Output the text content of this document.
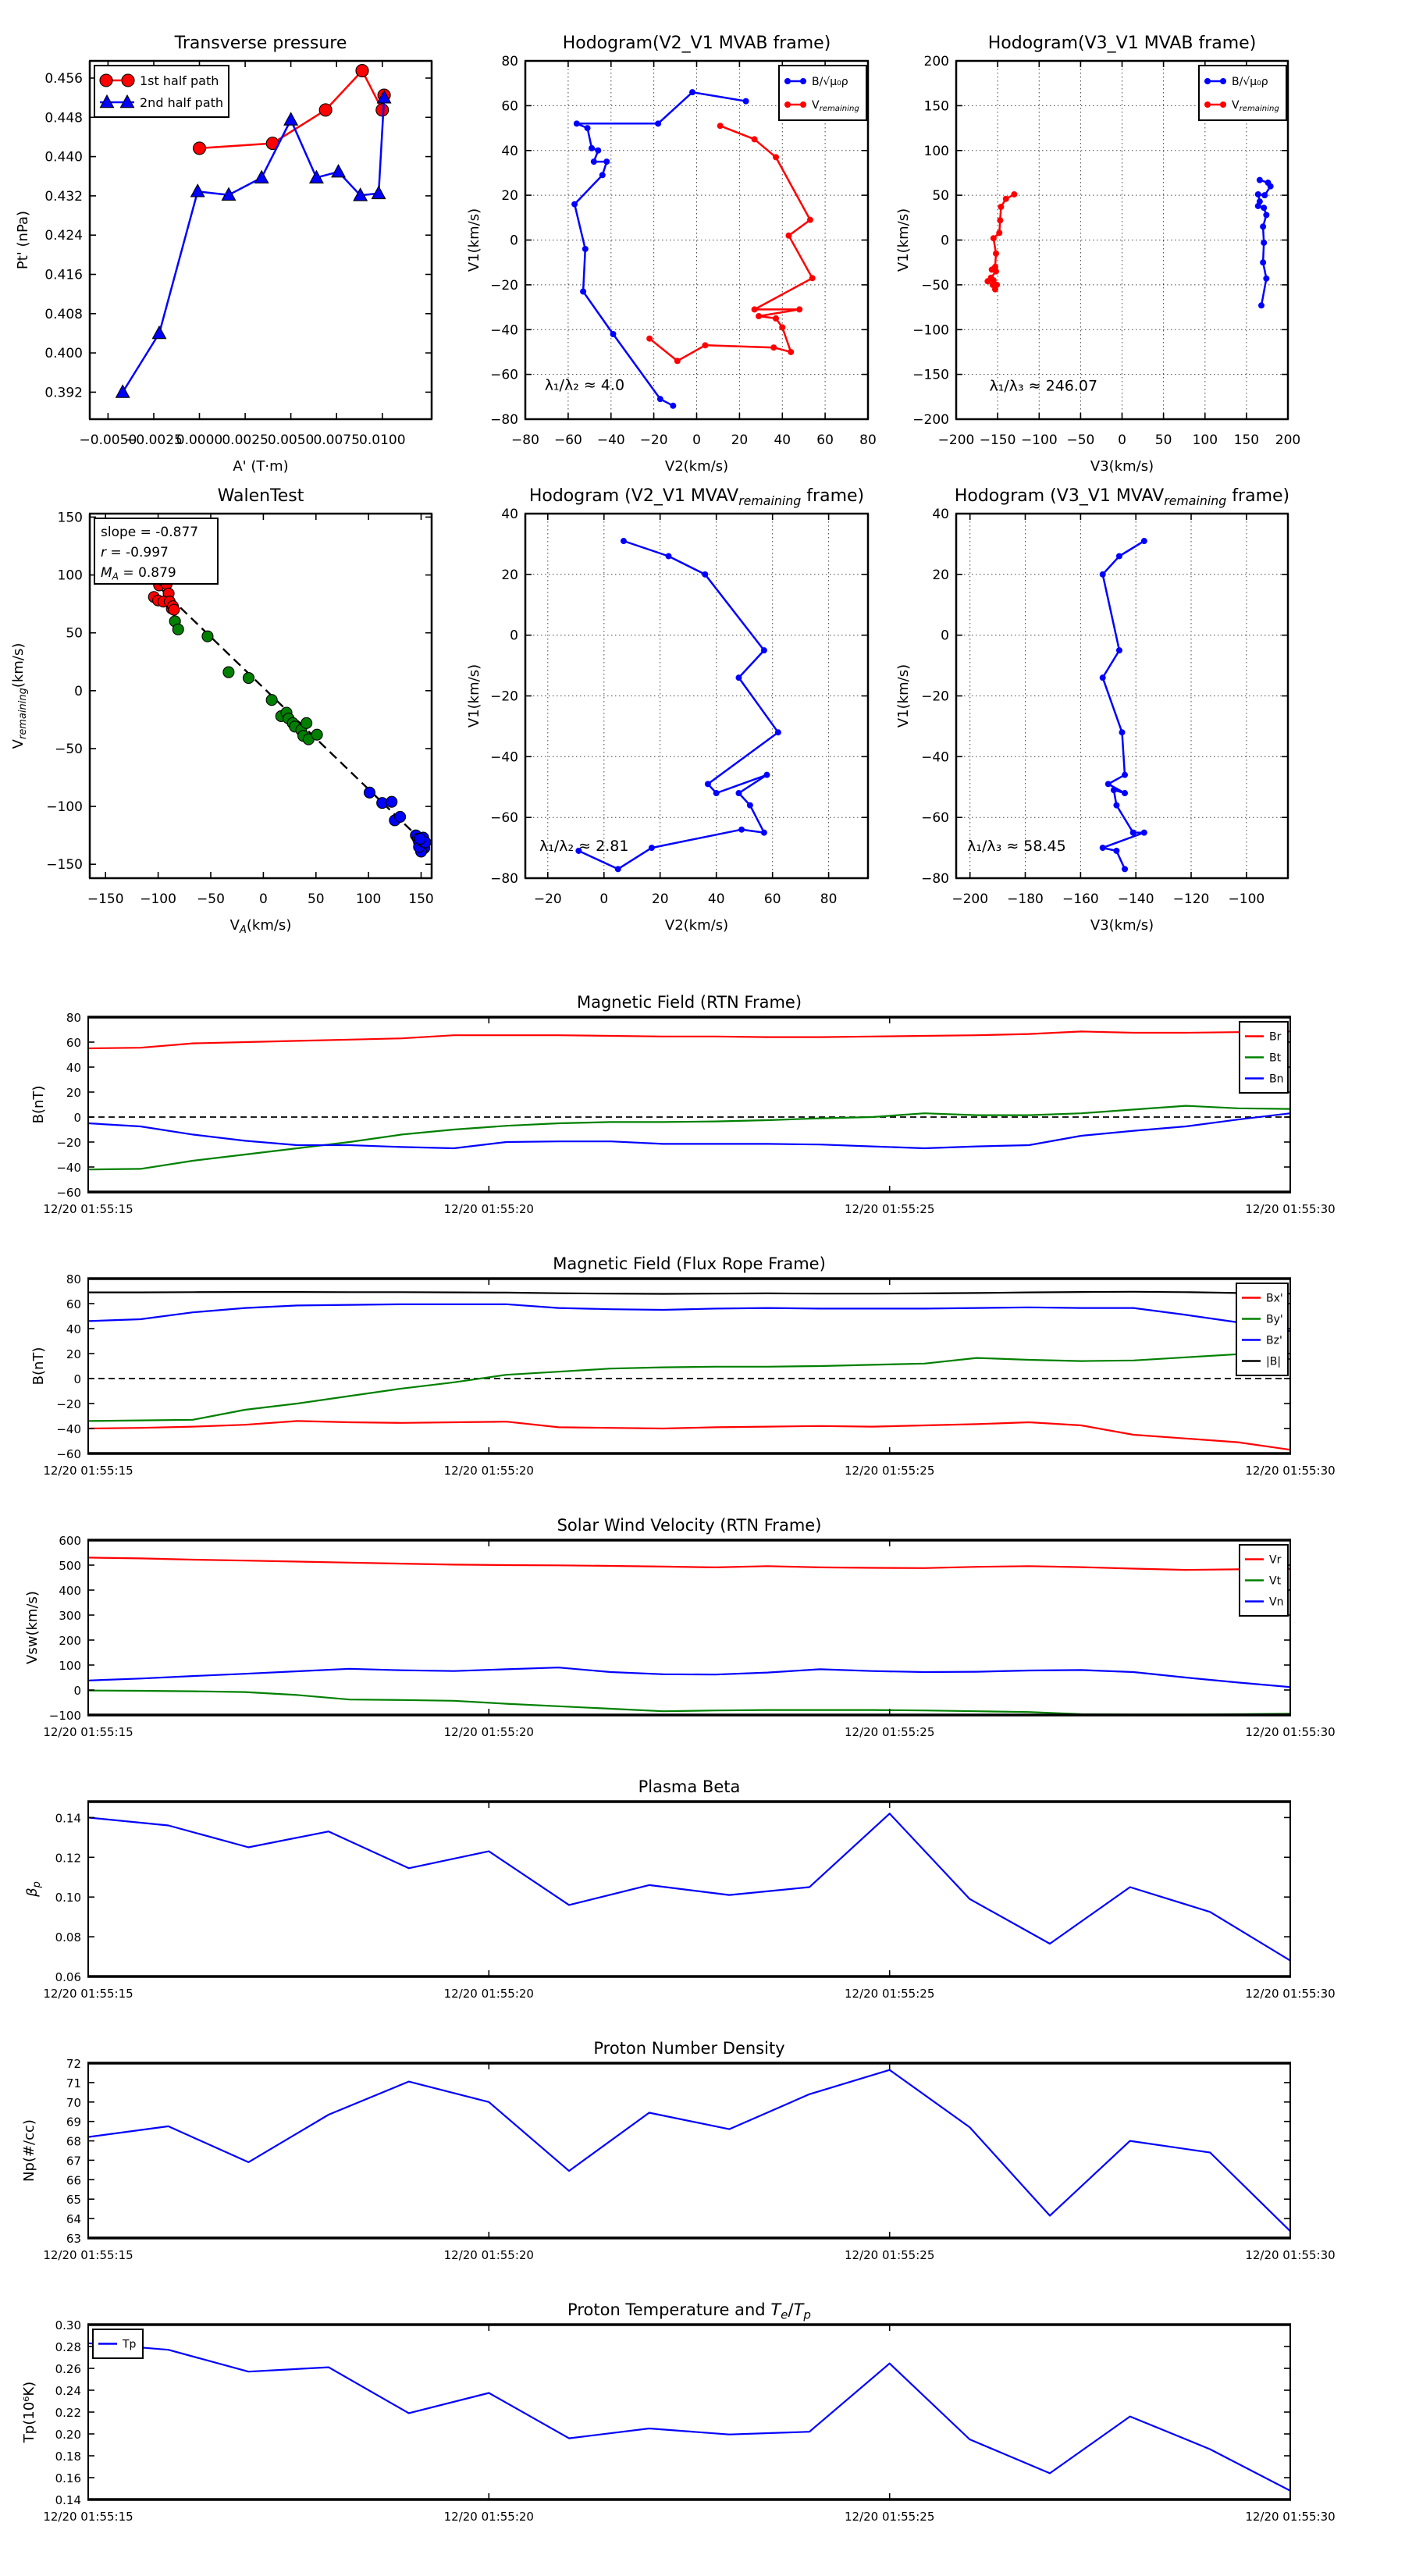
−0.0050
−0.0025
0.0000 0.0025 0.0050 0.0075 0.0100
0.392
0.400
0.408
0.416
0.424
0.432
0.440
0.448
0.456
Transverse pressure
A' (T·m)
Pt' (nPa)
1st half path
2nd half path
−80 −60 −40 −20 0 20 40 60 80
−80
−60
−40
−20
0
20
40
60
80
Hodogram(V2_V1 MVAB frame)
V2(km/s)
V1(km/s)
λ₁/λ₂ ≈ 4.0
B/√μ₀ρ
$V_{remaining}$
−200 −150 −100 −50 0 50 100 150 200
−200
−150
−100
−50
0
50
100
150
200
Hodogram(V3_V1 MVAB frame)
V3(km/s)
V1(km/s)
λ₁/λ₃ ≈ 246.07
B/√μ₀ρ
$V_{remaining}$
−150 −100 −50	0	50 100 150
−150
−100
−50
0
50
100
150
WalenTest
$V_A(km/s)$
$V_{remaining}(km/s)$
slope = -0.877
r = -0.997
$M_A = 0.879$
−20	0	20	40	60	80
−80
−60
−40
−20
0
20
40
Hodogram (V2_V1 $MVAV_{remaining}$ frame)
V2(km/s)
V1(km/s)
λ₁/λ₂ ≈ 2.81
−200 −180 −160 −140 −120 −100
−80
−60
−40
−20
0
20
40
Hodogram (V3_V1 $MVAV_{remaining}$ frame)
V3(km/s)
V1(km/s)
λ₁/λ₃ ≈ 58.45
12/20 01:55:15	12/20 01:55:20	12/20 01:55:25	12/20 01:55:30
−60
−40
−20
0
20
40
60
80
Magnetic Field (RTN Frame)
B(nT)
Br
Bt
Bn
12/20 01:55:15	12/20 01:55:20	12/20 01:55:25	12/20 01:55:30
−60
−40
−20
0
20
40
60
80
Magnetic Field (Flux Rope Frame)
B(nT)
Bx'
By'
Bz'
|B|
12/20 01:55:15	12/20 01:55:20	12/20 01:55:25	12/20 01:55:30
−100
0
100
200
300
400
500
600
Solar Wind Velocity (RTN Frame)
Vsw(km/s)
Vr
Vt
Vn
12/20 01:55:15	12/20 01:55:20	12/20 01:55:25	12/20 01:55:30
0.06
0.08
0.10
0.12
0.14
Plasma Beta
$\beta_p$
12/20 01:55:15	12/20 01:55:20	12/20 01:55:25	12/20 01:55:30
63
64
65
66
67
68
69
70
71
72
Proton Number Density
Np(#/cc)
12/20 01:55:15	12/20 01:55:20	12/20 01:55:25	12/20 01:55:30
0.14
0.16
0.18
0.20
0.22
0.24
0.26
0.28
0.30
Proton Temperature and $T_e/T_p$
Tp(10⁶K)
Tp
